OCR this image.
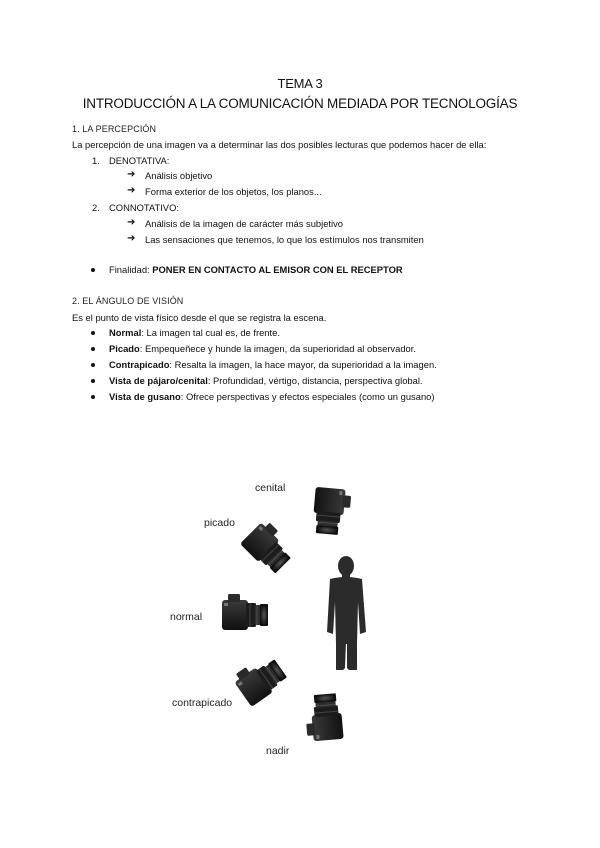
TEMA 3
INTRODUCCIÓN A LA COMUNICACIÓN MEDIADA POR TECNOLOGÍAS
1. LA PERCEPCIÓN
La percepción de una imagen va a determinar las dos posibles lecturas que podemos hacer de ella:
1. DENOTATIVA:
➔ Análisis objetivo
➔ Forma exterior de los objetos, los planos...
2. CONNOTATIVO:
➔ Análisis de la imagen de carácter más subjetivo
➔ Las sensaciones que tenemos, lo que los estímulos nos transmiten
Finalidad: PONER EN CONTACTO AL EMISOR CON EL RECEPTOR
2. EL ÁNGULO DE VISIÓN
Es el punto de vista físico desde el que se registra la escena.
Normal: La imagen tal cual es, de frente.
Picado: Empequeñece y hunde la imagen, da superioridad al observador.
Contrapicado: Resalta la imagen, la hace mayor, da superioridad a la imagen.
Vista de pájaro/cenital: Profundidad, vértigo, distancia, perspectiva global.
Vista de gusano: Ofrece perspectivas y efectos especiales (como un gusano)
cenital
picado
normal
contrapicado
nadir
